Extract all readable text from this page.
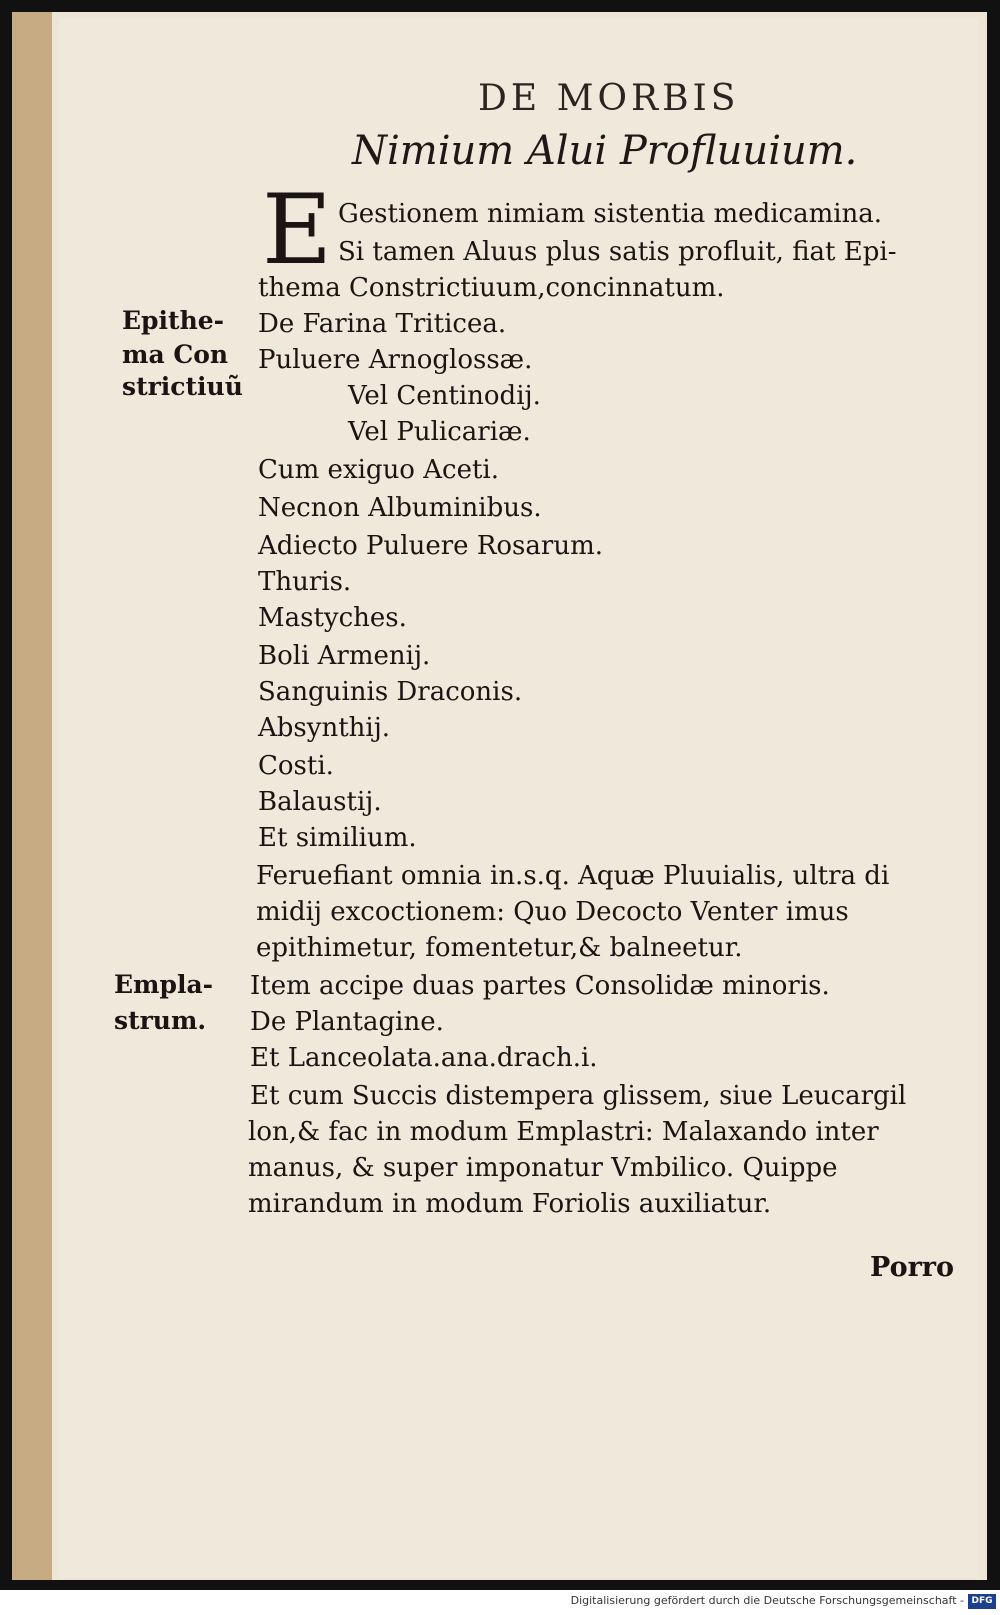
DE MORBIS
Nimium Alui Profluuium.
E Gestionem nimiam sistentia medicamina.

Si tamen Aluus plus satis profluit, fiat Epi-

thema Constrictiuum,concinnatum.

De Farina Triticea.

Puluere Arnoglossæ.

Vel Centinodij.

Vel Pulicariæ.

Cum exiguo Aceti.

Necnon Albuminibus.

Adiecto Puluere Rosarum.

Thuris.

Mastyches.

Boli Armenij.

Sanguinis Draconis.

Absynthij.

Costi.

Balaustij.

Et similium.

Feruefiant omnia in.s.q. Aquæ Pluuialis, ultra di

midij excoctionem: Quo Decocto Venter imus

epithimetur, fomentetur,& balneetur.

Item accipe duas partes Consolidæ minoris.

De Plantagine.

Et Lanceolata.ana.drach.i.

Et cum Succis distempera glissem, siue Leucargil

lon,& fac in modum Emplastri: Malaxando inter

manus, & super imponatur Vmbilico. Quippe

mirandum in modum Foriolis auxiliatur.

Epithe-

ma Con

strictiuũ

Empla-

strum.

Porro
Digitalisierung gefördert durch die Deutsche Forschungsgemeinschaft - DFG
